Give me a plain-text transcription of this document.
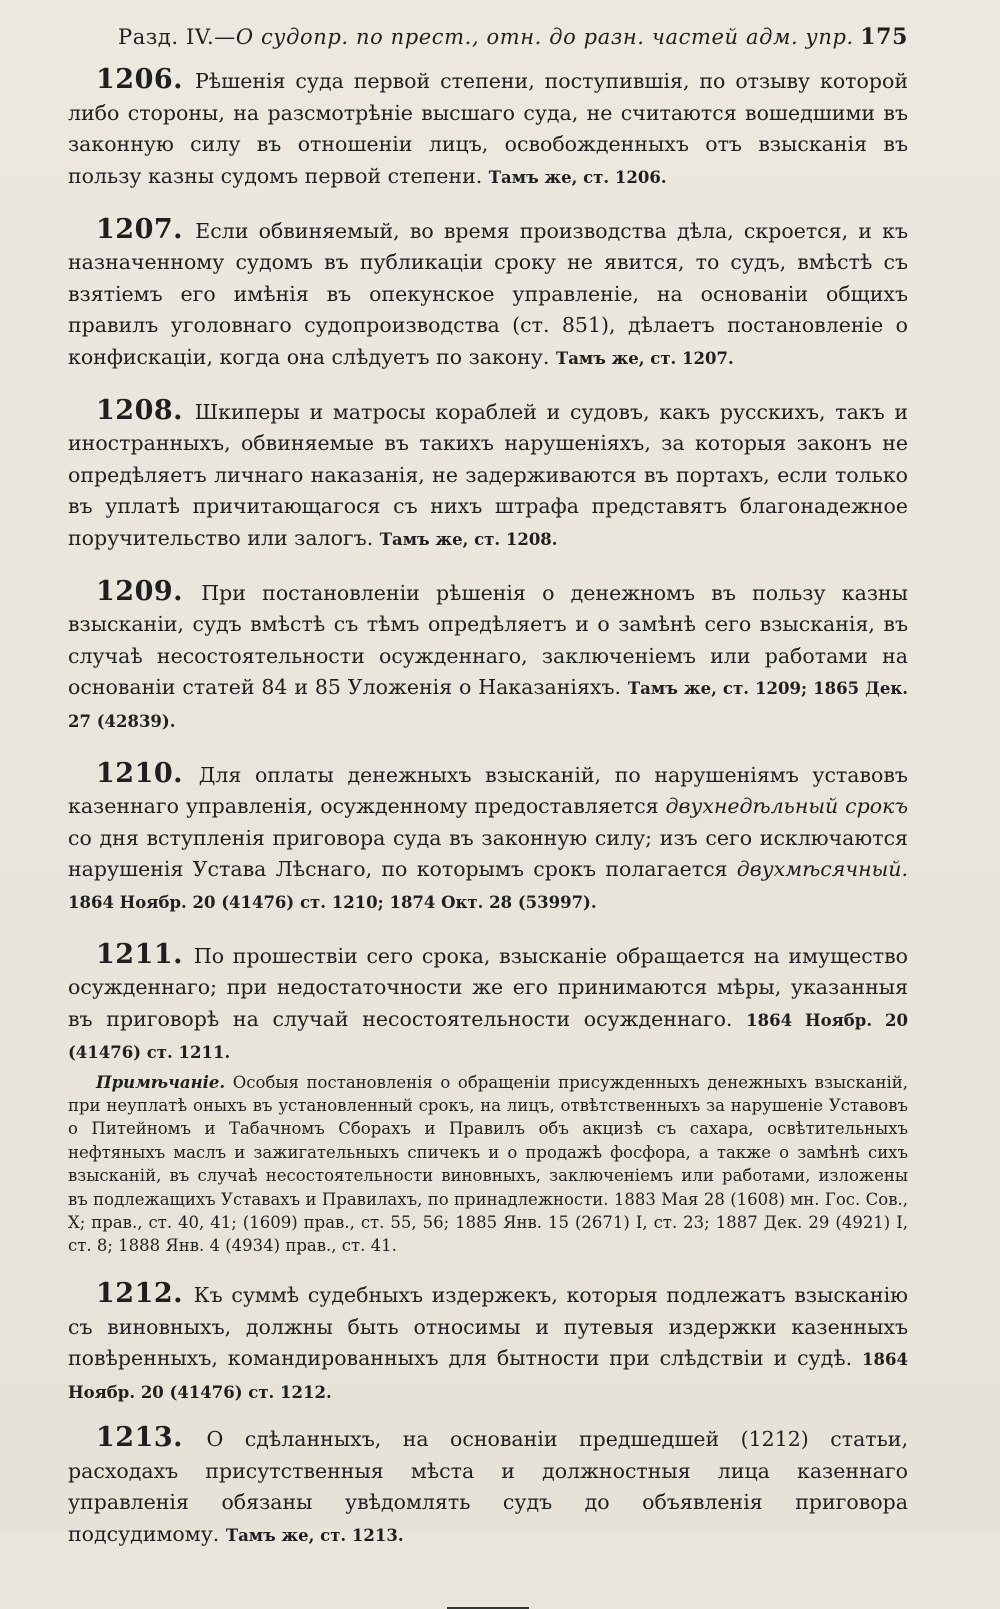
Разд. IV.—О судопр. по прест., отн. до разн. частей адм. упр. 175

1206. Рѣшенія суда первой степени, поступившія, по отзыву которой либо стороны, на разсмотрѣніе высшаго суда, не считаются вошедшими въ законную силу въ отношеніи лицъ, освобожденныхъ отъ взысканія въ пользу казны судомъ первой степени. Тамъ же, ст. 1206.

1207. Если обвиняемый, во время производства дѣла, скроется, и къ назначенному судомъ въ публикаціи сроку не явится, то судъ, вмѣстѣ съ взятіемъ его имѣнія въ опекунское управленіе, на основаніи общихъ правилъ уголовнаго судопроизводства (ст. 851), дѣлаетъ постановленіе о конфискаціи, когда она слѣдуетъ по закону. Тамъ же, ст. 1207.

1208. Шкиперы и матросы кораблей и судовъ, какъ русскихъ, такъ и иностранныхъ, обвиняемые въ такихъ нарушеніяхъ, за которыя законъ не опредѣляетъ личнаго наказанія, не задерживаются въ портахъ, если только въ уплатѣ причитающагося съ нихъ штрафа представятъ благонадежное поручительство или залогъ. Тамъ же, ст. 1208.

1209. При постановленіи рѣшенія о денежномъ въ пользу казны взысканіи, судъ вмѣстѣ съ тѣмъ опредѣляетъ и о замѣнѣ сего взысканія, въ случаѣ несостоятельности осужденнаго, заключеніемъ или работами на основаніи статей 84 и 85 Уложенія о Наказаніяхъ. Тамъ же, ст. 1209; 1865 Дек. 27 (42839).

1210. Для оплаты денежныхъ взысканій, по нарушеніямъ уставовъ казеннаго управленія, осужденному предоставляется двухнедѣльный срокъ со дня вступленія приговора суда въ законную силу; изъ сего исключаются нарушенія Устава Лѣснаго, по которымъ срокъ полагается двухмѣсячный. 1864 Ноябр. 20 (41476) ст. 1210; 1874 Окт. 28 (53997).

1211. По прошествіи сего срока, взысканіе обращается на имущество осужденнаго; при недостаточности же его принимаются мѣры, указанныя въ приговорѣ на случай несостоятельности осужденнаго. 1864 Ноябр. 20 (41476) ст. 1211.

Примѣчаніе. Особыя постановленія о обращеніи присужденныхъ денежныхъ взысканій, при неуплатѣ оныхъ въ установленный срокъ, на лицъ, отвѣтственныхъ за нарушеніе Уставовъ о Питейномъ и Табачномъ Сборахъ и Правилъ объ акцизѣ съ сахара, освѣтительныхъ нефтяныхъ маслъ и зажигательныхъ спичекъ и о продажѣ фосфора, а также о замѣнѣ сихъ взысканій, въ случаѣ несостоятельности виновныхъ, заключеніемъ или работами, изложены въ подлежащихъ Уставахъ и Правилахъ, по принадлежности. 1883 Мая 28 (1608) мн. Гос. Сов., X; прав., ст. 40, 41; (1609) прав., ст. 55, 56; 1885 Янв. 15 (2671) I, ст. 23; 1887 Дек. 29 (4921) I, ст. 8; 1888 Янв. 4 (4934) прав., ст. 41.

1212. Къ суммѣ судебныхъ издержекъ, которыя подлежатъ взысканію съ виновныхъ, должны быть относимы и путевыя издержки казенныхъ повѣренныхъ, командированныхъ для бытности при слѣдствіи и судѣ. 1864 Ноябр. 20 (41476) ст. 1212.

1213. О сдѣланныхъ, на основаніи предшедшей (1212) статьи, расходахъ присутственныя мѣста и должностныя лица казеннаго управленія обязаны увѣдомлять судъ до объявленія приговора подсудимому. Тамъ же, ст. 1213.
